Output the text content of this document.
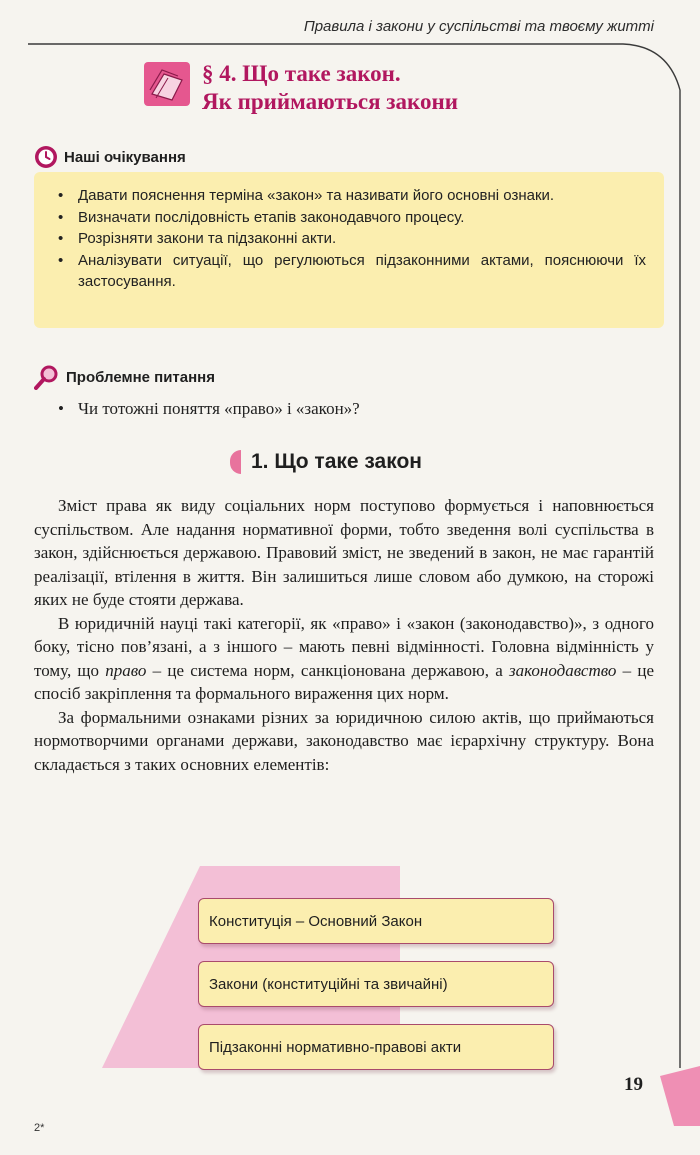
Правила і закони у суспільстві та твоєму житті
§ 4. Що таке закон.
Як приймаються закони
Наші очікування
• Давати пояснення терміна «закон» та називати його основні ознаки.
• Визначати послідовність етапів законодавчого процесу.
• Розрізняти закони та підзаконні акти.
• Аналізувати ситуації, що регулюються підзаконними актами, пояснюючи їх застосування.
Проблемне питання
• Чи тотожні поняття «право» і «закон»?
1. Що таке закон

Зміст права як виду соціальних норм поступово формується і наповнюється суспільством. Але надання нормативної форми, тобто зведення волі суспільства в закон, здійснюється державою. Правовий зміст, не зведений в закон, не має гарантій реалізації, втілення в життя. Він залишиться лише словом або думкою, на сторожі яких не буде стояти держава.

В юридичній науці такі категорії, як «право» і «закон (законодавство)», з одного боку, тісно пов’язані, а з іншого – мають певні відмінності. Головна відмінність у тому, що право – це система норм, санкціонована державою, а законодавство – це спосіб закріплення та формального вираження цих норм.

За формальними ознаками різних за юридичною силою актів, що приймаються нормотворчими органами держави, законодавство має ієрархічну структуру. Вона складається з таких основних елементів:

Конституція – Основний Закон
Закони (конституційні та звичайні)
Підзаконні нормативно-правові акти
19
2*
